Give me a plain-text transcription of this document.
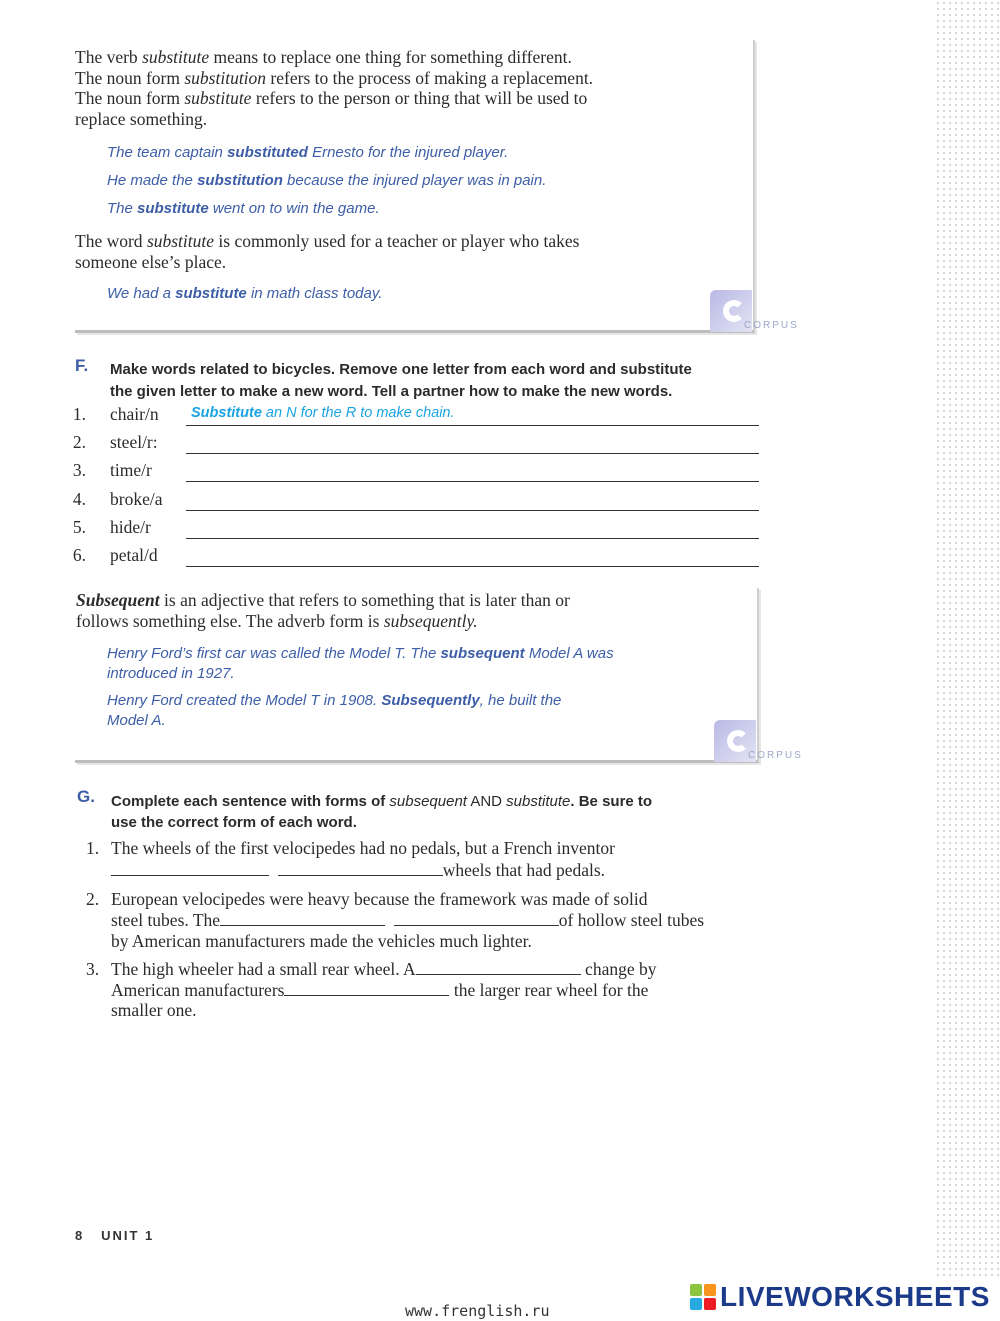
The verb substitute means to replace one thing for something different.
The noun form substitution refers to the process of making a replacement.
The noun form substitute refers to the person or thing that will be used to
replace something.
The team captain substituted Ernesto for the injured player.
He made the substitution because the injured player was in pain.
The substitute went on to win the game.
The word substitute is commonly used for a teacher or player who takes
someone else’s place.
We had a substitute in math class today.
CORPUS
F. Make words related to bicycles. Remove one letter from each word and substitute
the given letter to make a new word. Tell a partner how to make the new words.
1. chair/n Substitute an N for the R to make chain.
2. steel/r:
3. time/r
4. broke/a
5. hide/r
6. petal/d
Subsequent is an adjective that refers to something that is later than or
follows something else. The adverb form is subsequently.
Henry Ford’s first car was called the Model T. The subsequent Model A was
introduced in 1927.
Henry Ford created the Model T in 1908. Subsequently, he built the
Model A.
CORPUS
G. Complete each sentence with forms of subsequent AND substitute. Be sure to
use the correct form of each word.
1. The wheels of the first velocipedes had no pedals, but a French inventor
wheels that had pedals.
2. European velocipedes were heavy because the framework was made of solid
steel tubes. The	of hollow steel tubes
by American manufacturers made the vehicles much lighter.
3. The high wheeler had a small rear wheel. A	change by
American manufacturers	the larger rear wheel for the
smaller one.
8 UNIT 1
www.frenglish.ru	LIVEWORKSHEETS
